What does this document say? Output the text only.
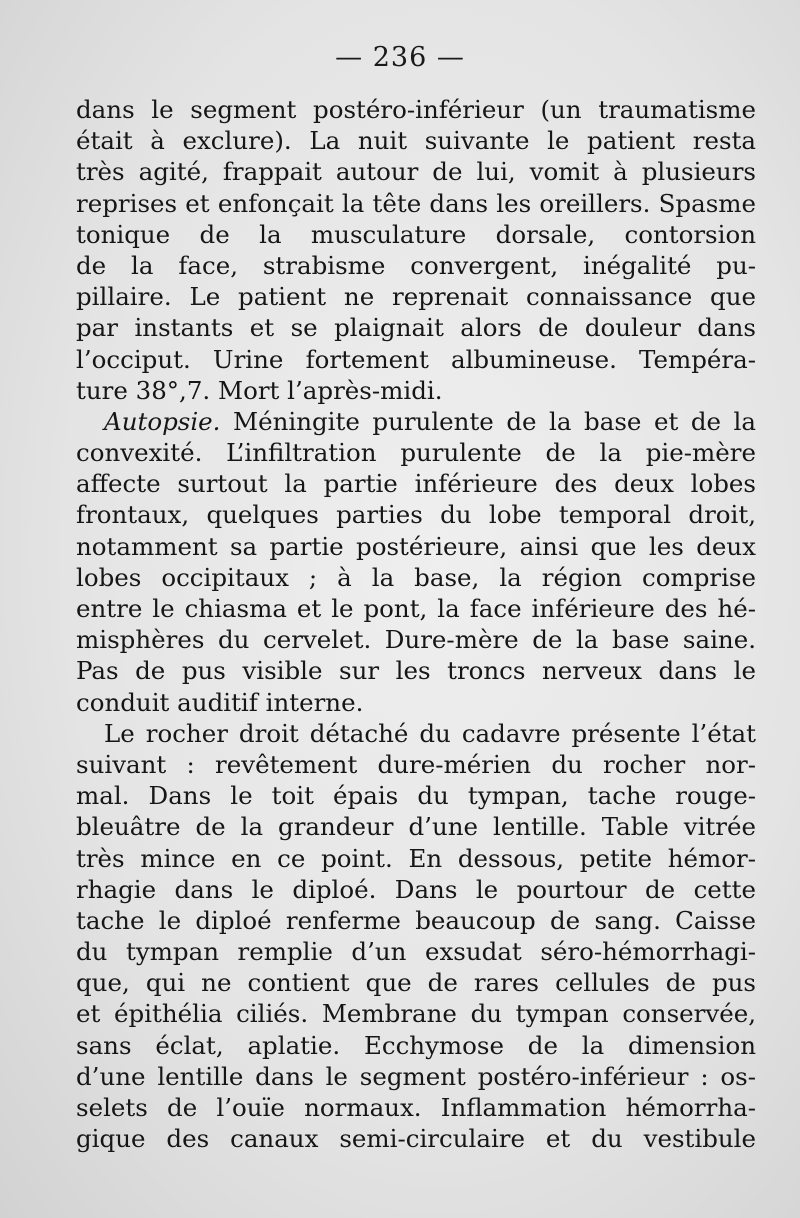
— 236 —
dans le segment postéro-inférieur (un traumatisme
était à exclure). La nuit suivante le patient resta
très agité, frappait autour de lui, vomit à plusieurs
reprises et enfonçait la tête dans les oreillers. Spasme
tonique de la musculature dorsale, contorsion
de la face, strabisme convergent, inégalité pu-
pillaire. Le patient ne reprenait connaissance que
par instants et se plaignait alors de douleur dans
l’occiput. Urine fortement albumineuse. Tempéra-
ture 38°,7. Mort l’après-midi.
Autopsie. Méningite purulente de la base et de la
convexité. L’infiltration purulente de la pie-mère
affecte surtout la partie inférieure des deux lobes
frontaux, quelques parties du lobe temporal droit,
notamment sa partie postérieure, ainsi que les deux
lobes occipitaux ; à la base, la région comprise
entre le chiasma et le pont, la face inférieure des hé-
misphères du cervelet. Dure-mère de la base saine.
Pas de pus visible sur les troncs nerveux dans le
conduit auditif interne.
Le rocher droit détaché du cadavre présente l’état
suivant : revêtement dure-mérien du rocher nor-
mal. Dans le toit épais du tympan, tache rouge-
bleuâtre de la grandeur d’une lentille. Table vitrée
très mince en ce point. En dessous, petite hémor-
rhagie dans le diploé. Dans le pourtour de cette
tache le diploé renferme beaucoup de sang. Caisse
du tympan remplie d’un exsudat séro-hémorrhagi-
que, qui ne contient que de rares cellules de pus
et épithélia ciliés. Membrane du tympan conservée,
sans éclat, aplatie. Ecchymose de la dimension
d’une lentille dans le segment postéro-inférieur : os-
selets de l’ouïe normaux. Inflammation hémorrha-
gique des canaux semi-circulaire et du vestibule
